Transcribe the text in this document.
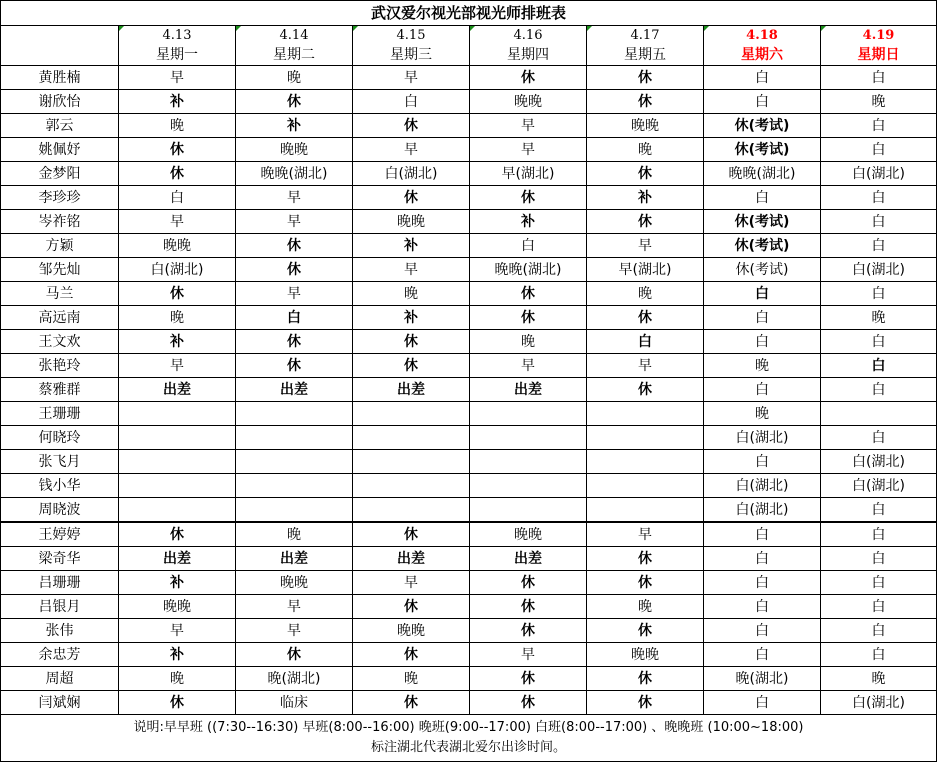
武汉爱尔视光部视光师排班表							
	4.13	4.14	4.15	4.16	4.17	4.18	4.19
	星期一	星期二	星期三	星期四	星期五	星期六	星期日
黄胜楠	早	晚	早	休	休	白	白
谢欣怡	补	休	白	晚晚	休	白	晚
郭云	晚	补	休	早	晚晚	休(考试)	白
姚佩妤	休	晚晚	早	早	晚	休(考试)	白
金梦阳	休	晚晚(湖北)	白(湖北)	早(湖北)	休	晚晚(湖北)	白(湖北)
李珍珍	白	早	休	休	补	白	白
岑祚铭	早	早	晚晚	补	休	休(考试)	白
方颖	晚晚	休	补	白	早	休(考试)	白
邹先灿	白(湖北)	休	早	晚晚(湖北)	早(湖北)	休(考试)	白(湖北)
马兰	休	早	晚	休	晚	白	白
高远南	晚	白	补	休	休	白	晚
王文欢	补	休	休	晚	白	白	白
张艳玲	早	休	休	早	早	晚	白
蔡雅群	出差	出差	出差	出差	休	白	白
王珊珊						晚	
何晓玲						白(湖北)	白
张飞月						白	白(湖北)
钱小华						白(湖北)	白(湖北)
周晓波						白(湖北)	白
王婷婷	休	晚	休	晚晚	早	白	白
梁奇华	出差	出差	出差	出差	休	白	白
吕珊珊	补	晚晚	早	休	休	白	白
吕银月	晚晚	早	休	休	晚	白	白
张伟	早	早	晚晚	休	休	白	白
余忠芳	补	休	休	早	晚晚	白	白
周超	晚	晚(湖北)	晚	休	休	晚(湖北)	晚
闫斌娴	休	临床	休	休	休	白	白(湖北)

说明:早早班 ((7:30--16:30) 早班(8:00--16:00) 晚班(9:00--17:00) 白班(8:00--17:00) 、晚晚班 (10:00~18:00)
标注湖北代表湖北爱尔出诊时间。							
